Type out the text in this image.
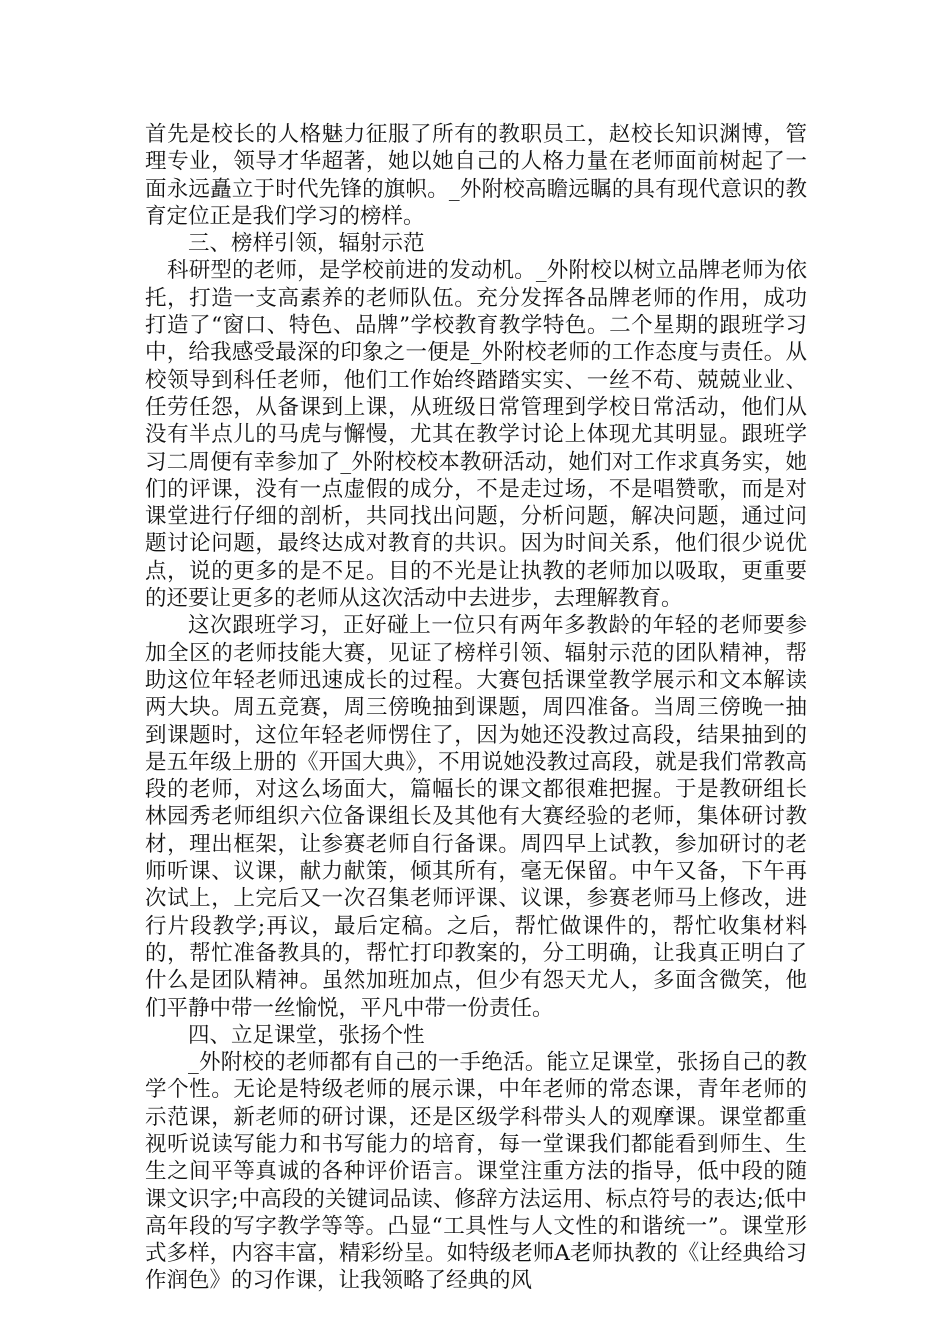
首先是校长的人格魅力征服了所有的教职员工，赵校长知识渊博，管理专业，领导才华超著，她以她自己的人格力量在老师面前树起了一面永远矗立于时代先锋的旗帜。_外附校高瞻远瞩的具有现代意识的教育定位正是我们学习的榜样。

三、榜样引领，辐射示范

科研型的老师，是学校前进的发动机。_外附校以树立品牌老师为依托，打造一支高素养的老师队伍。充分发挥各品牌老师的作用，成功打造了“窗口、特色、品牌”学校教育教学特色。二个星期的跟班学习中，给我感受最深的印象之一便是_外附校老师的工作态度与责任。从校领导到科任老师，他们工作始终踏踏实实、一丝不苟、兢兢业业、任劳任怨，从备课到上课，从班级日常管理到学校日常活动，他们从没有半点儿的马虎与懈慢，尤其在教学讨论上体现尤其明显。跟班学习二周便有幸参加了_外附校校本教研活动，她们对工作求真务实，她们的评课，没有一点虚假的成分，不是走过场，不是唱赞歌，而是对课堂进行仔细的剖析，共同找出问题，分析问题，解决问题，通过问题讨论问题，最终达成对教育的共识。因为时间关系，他们很少说优点，说的更多的是不足。目的不光是让执教的老师加以吸取，更重要的还要让更多的老师从这次活动中去进步，去理解教育。

这次跟班学习，正好碰上一位只有两年多教龄的年轻的老师要参加全区的老师技能大赛，见证了榜样引领、辐射示范的团队精神，帮助这位年轻老师迅速成长的过程。大赛包括课堂教学展示和文本解读两大块。周五竞赛，周三傍晚抽到课题，周四准备。当周三傍晚一抽到课题时，这位年轻老师愣住了，因为她还没教过高段，结果抽到的是五年级上册的《开国大典》，不用说她没教过高段，就是我们常教高段的老师，对这么场面大，篇幅长的课文都很难把握。于是教研组长林园秀老师组织六位备课组长及其他有大赛经验的老师，集体研讨教材，理出框架，让参赛老师自行备课。周四早上试教，参加研讨的老师听课、议课，献力献策，倾其所有，毫无保留。中午又备，下午再次试上，上完后又一次召集老师评课、议课，参赛老师马上修改，进行片段教学;再议，最后定稿。之后，帮忙做课件的，帮忙收集材料的，帮忙准备教具的，帮忙打印教案的，分工明确，让我真正明白了什么是团队精神。虽然加班加点，但少有怨天尤人，多面含微笑，他们平静中带一丝愉悦，平凡中带一份责任。

四、立足课堂，张扬个性

_外附校的老师都有自己的一手绝活。能立足课堂，张扬自己的教学个性。无论是特级老师的展示课，中年老师的常态课，青年老师的示范课，新老师的研讨课，还是区级学科带头人的观摩课。课堂都重视听说读写能力和书写能力的培育，每一堂课我们都能看到师生、生生之间平等真诚的各种评价语言。课堂注重方法的指导，低中段的随课文识字;中高段的关键词品读、修辞方法运用、标点符号的表达;低中高年段的写字教学等等。凸显“工具性与人文性的和谐统一”。课堂形式多样，内容丰富，精彩纷呈。如特级老师A老师执教的《让经典给习作润色》的习作课，让我领略了经典的风
